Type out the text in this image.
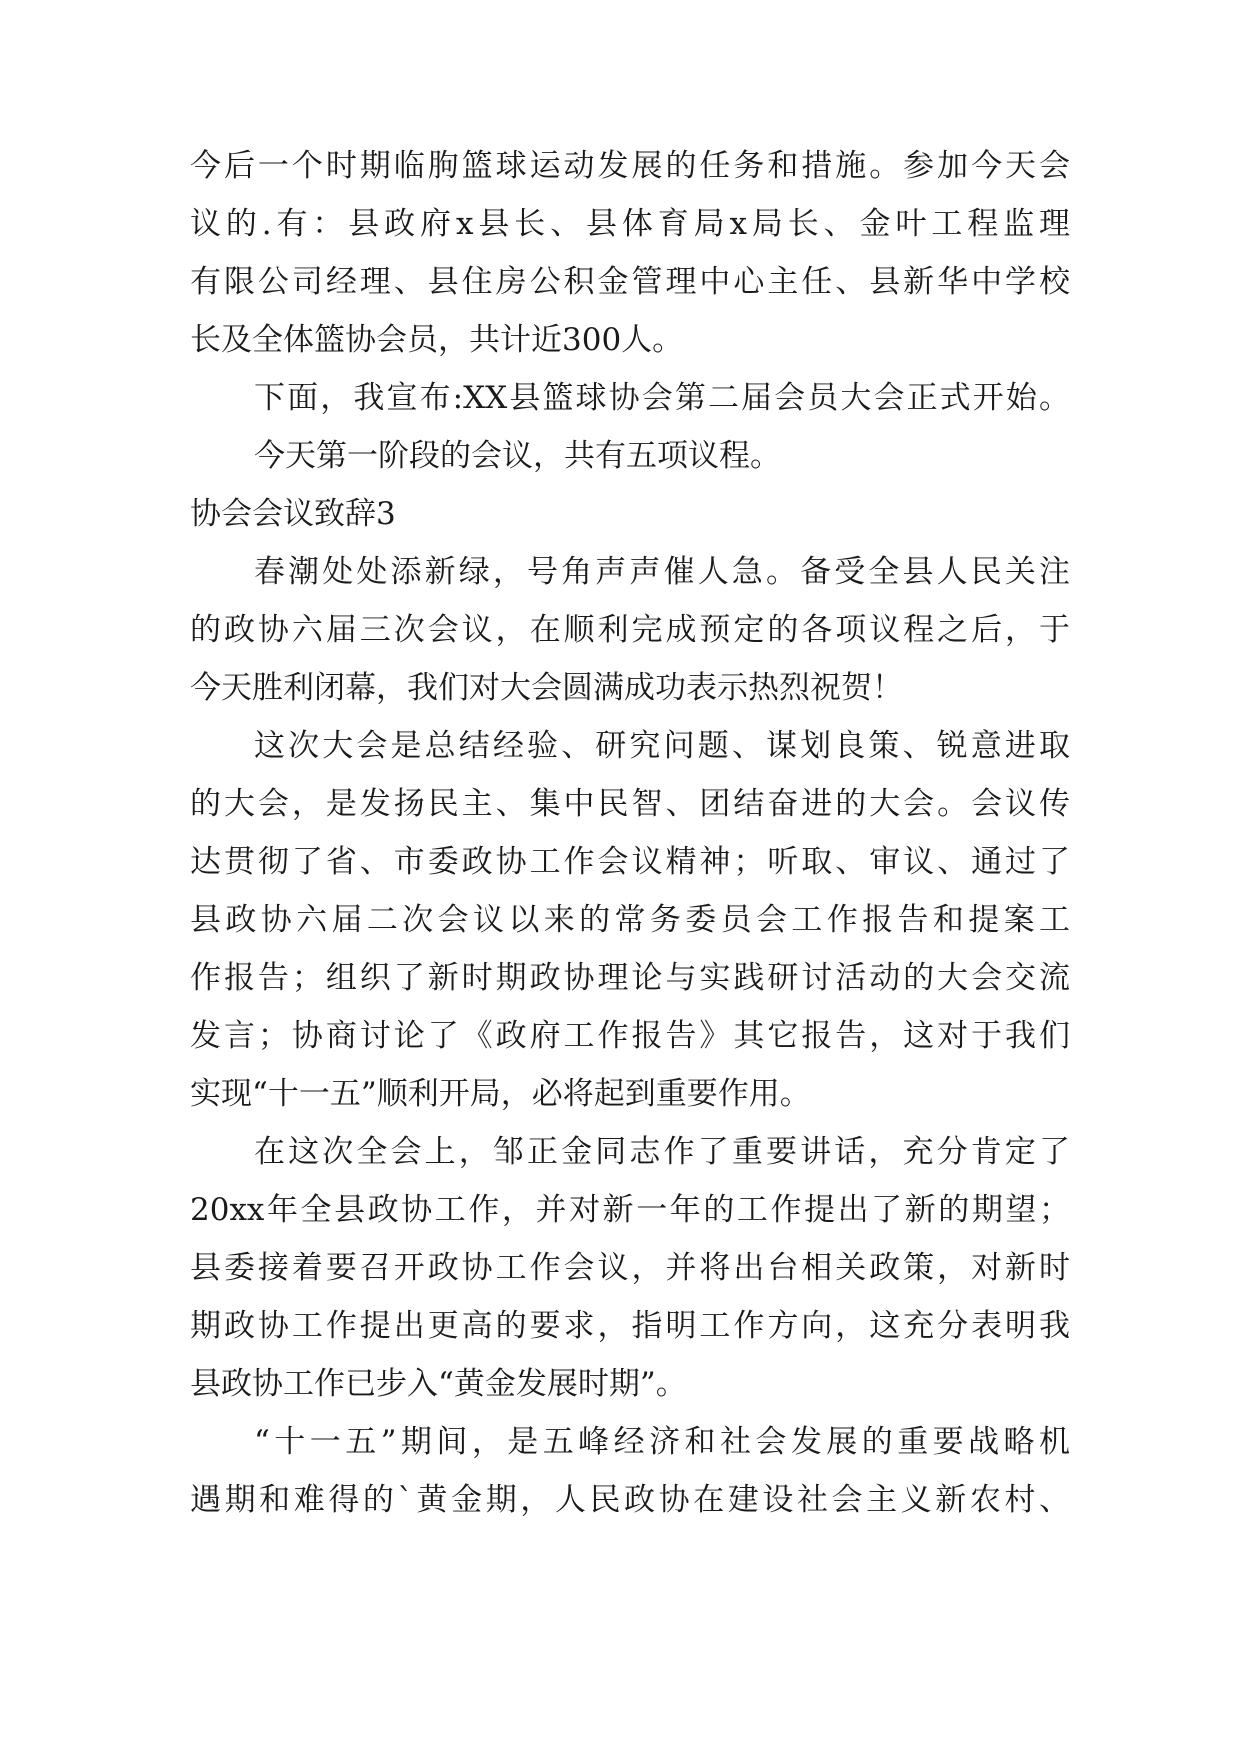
今后一个时期临朐篮球运动发展的任务和措施。参加今天会
议的.有：县政府x县长、县体育局x局长、金叶工程监理
有限公司经理、县住房公积金管理中心主任、县新华中学校
长及全体篮协会员，共计近300人。
下面，我宣布:XX县篮球协会第二届会员大会正式开始。
今天第一阶段的会议，共有五项议程。
协会会议致辞3
春潮处处添新绿，号角声声催人急。备受全县人民关注
的政协六届三次会议，在顺利完成预定的各项议程之后，于
今天胜利闭幕，我们对大会圆满成功表示热烈祝贺！
这次大会是总结经验、研究问题、谋划良策、锐意进取
的大会，是发扬民主、集中民智、团结奋进的大会。会议传
达贯彻了省、市委政协工作会议精神；听取、审议、通过了
县政协六届二次会议以来的常务委员会工作报告和提案工
作报告；组织了新时期政协理论与实践研讨活动的大会交流
发言；协商讨论了《政府工作报告》其它报告，这对于我们
实现“十一五”顺利开局，必将起到重要作用。
在这次全会上，邹正金同志作了重要讲话，充分肯定了
20xx年全县政协工作，并对新一年的工作提出了新的期望；
县委接着要召开政协工作会议，并将出台相关政策，对新时
期政协工作提出更高的要求，指明工作方向，这充分表明我
县政协工作已步入“黄金发展时期”。
“十一五”期间，是五峰经济和社会发展的重要战略机
遇期和难得的`黄金期，人民政协在建设社会主义新农村、
